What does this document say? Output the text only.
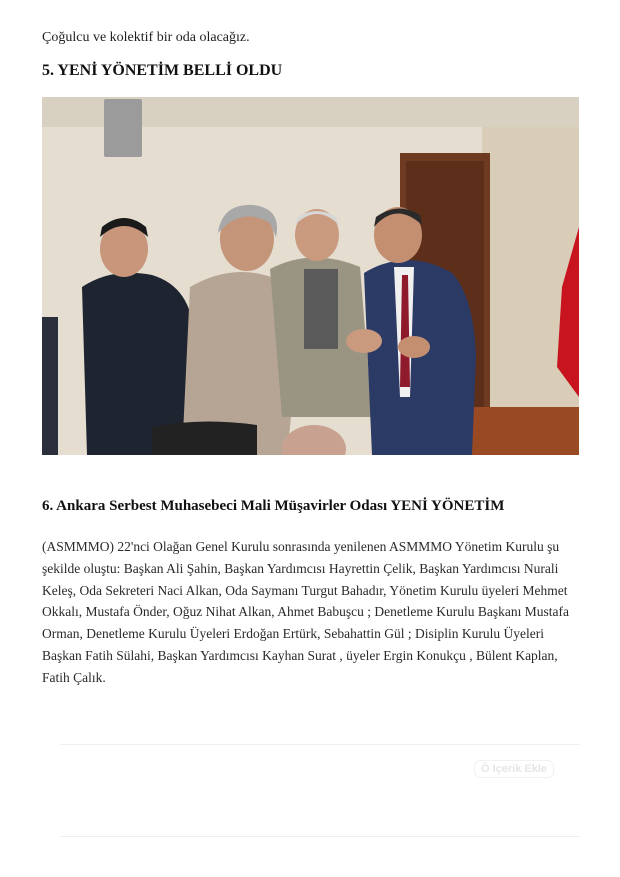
Çoğulcu ve kolektif bir oda olacağız.

5. YENİ YÖNETİM BELLİ OLDU
6. Ankara Serbest Muhasebeci Mali Müşavirler Odası YENİ YÖNETİM

(ASMMMO) 22'nci Olağan Genel Kurulu sonrasında yenilenen ASMMMO Yönetim Kurulu şu şekilde oluştu: Başkan Ali Şahin, Başkan Yardımcısı Hayrettin Çelik, Başkan Yardımcısı Nurali Keleş, Oda Sekreteri Naci Alkan, Oda Saymanı Turgut Bahadır, Yönetim Kurulu üyeleri Mehmet Okkalı, Mustafa Önder, Oğuz Nihat Alkan, Ahmet Babuşcu ; Denetleme Kurulu Başkanı Mustafa Orman, Denetleme Kurulu Üyeleri Erdoğan Ertürk, Sebahattin Gül ; Disiplin Kurulu Üyeleri Başkan Fatih Sülahi, Başkan Yardımcısı Kayhan Surat , üyeler Ergin Konukçu , Bülent Kaplan, Fatih Çalık.

Ö Içerik Ekle
